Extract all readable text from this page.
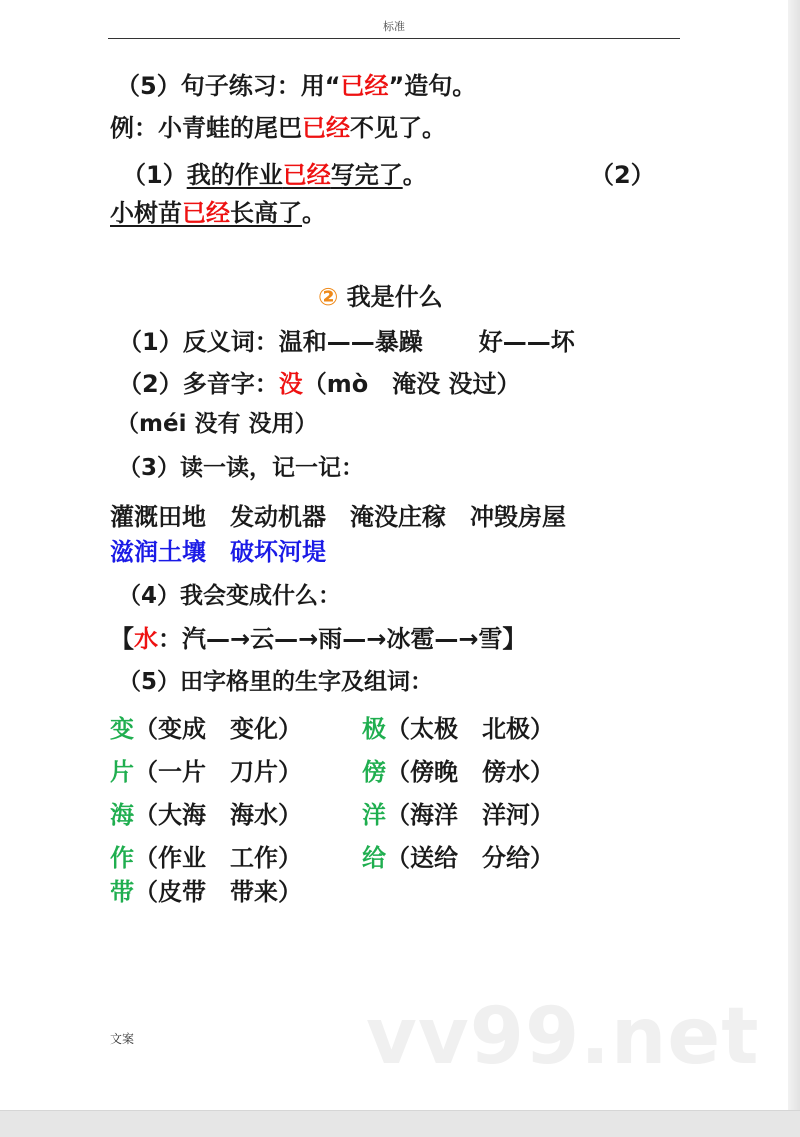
标准
（5）句子练习：用“已经”造句。
例：小青蛙的尾巴已经不见了。
（1）我的作业已经写完了。	（2）
小树苗已经长高了。
② 我是什么
（1）反义词：温和——暴躁 好——坏
（2）多音字：没（mò　淹没 没过）
（méi 没有 没用）
（3）读一读，记一记：
灌溉田地　发动机器　淹没庄稼　冲毁房屋
滋润土壤　破坏河堤
（4）我会变成什么：
【水：汽—→云—→雨—→冰雹—→雪】
（5）田字格里的生字及组词：
变（变成　变化）	极（太极　北极）
片（一片　刀片）	傍（傍晚　傍水）
海（大海　海水）	洋（海洋　洋河）
作（作业　工作）	给（送给　分给）
带（皮带　带来）
vv99.net
文案
